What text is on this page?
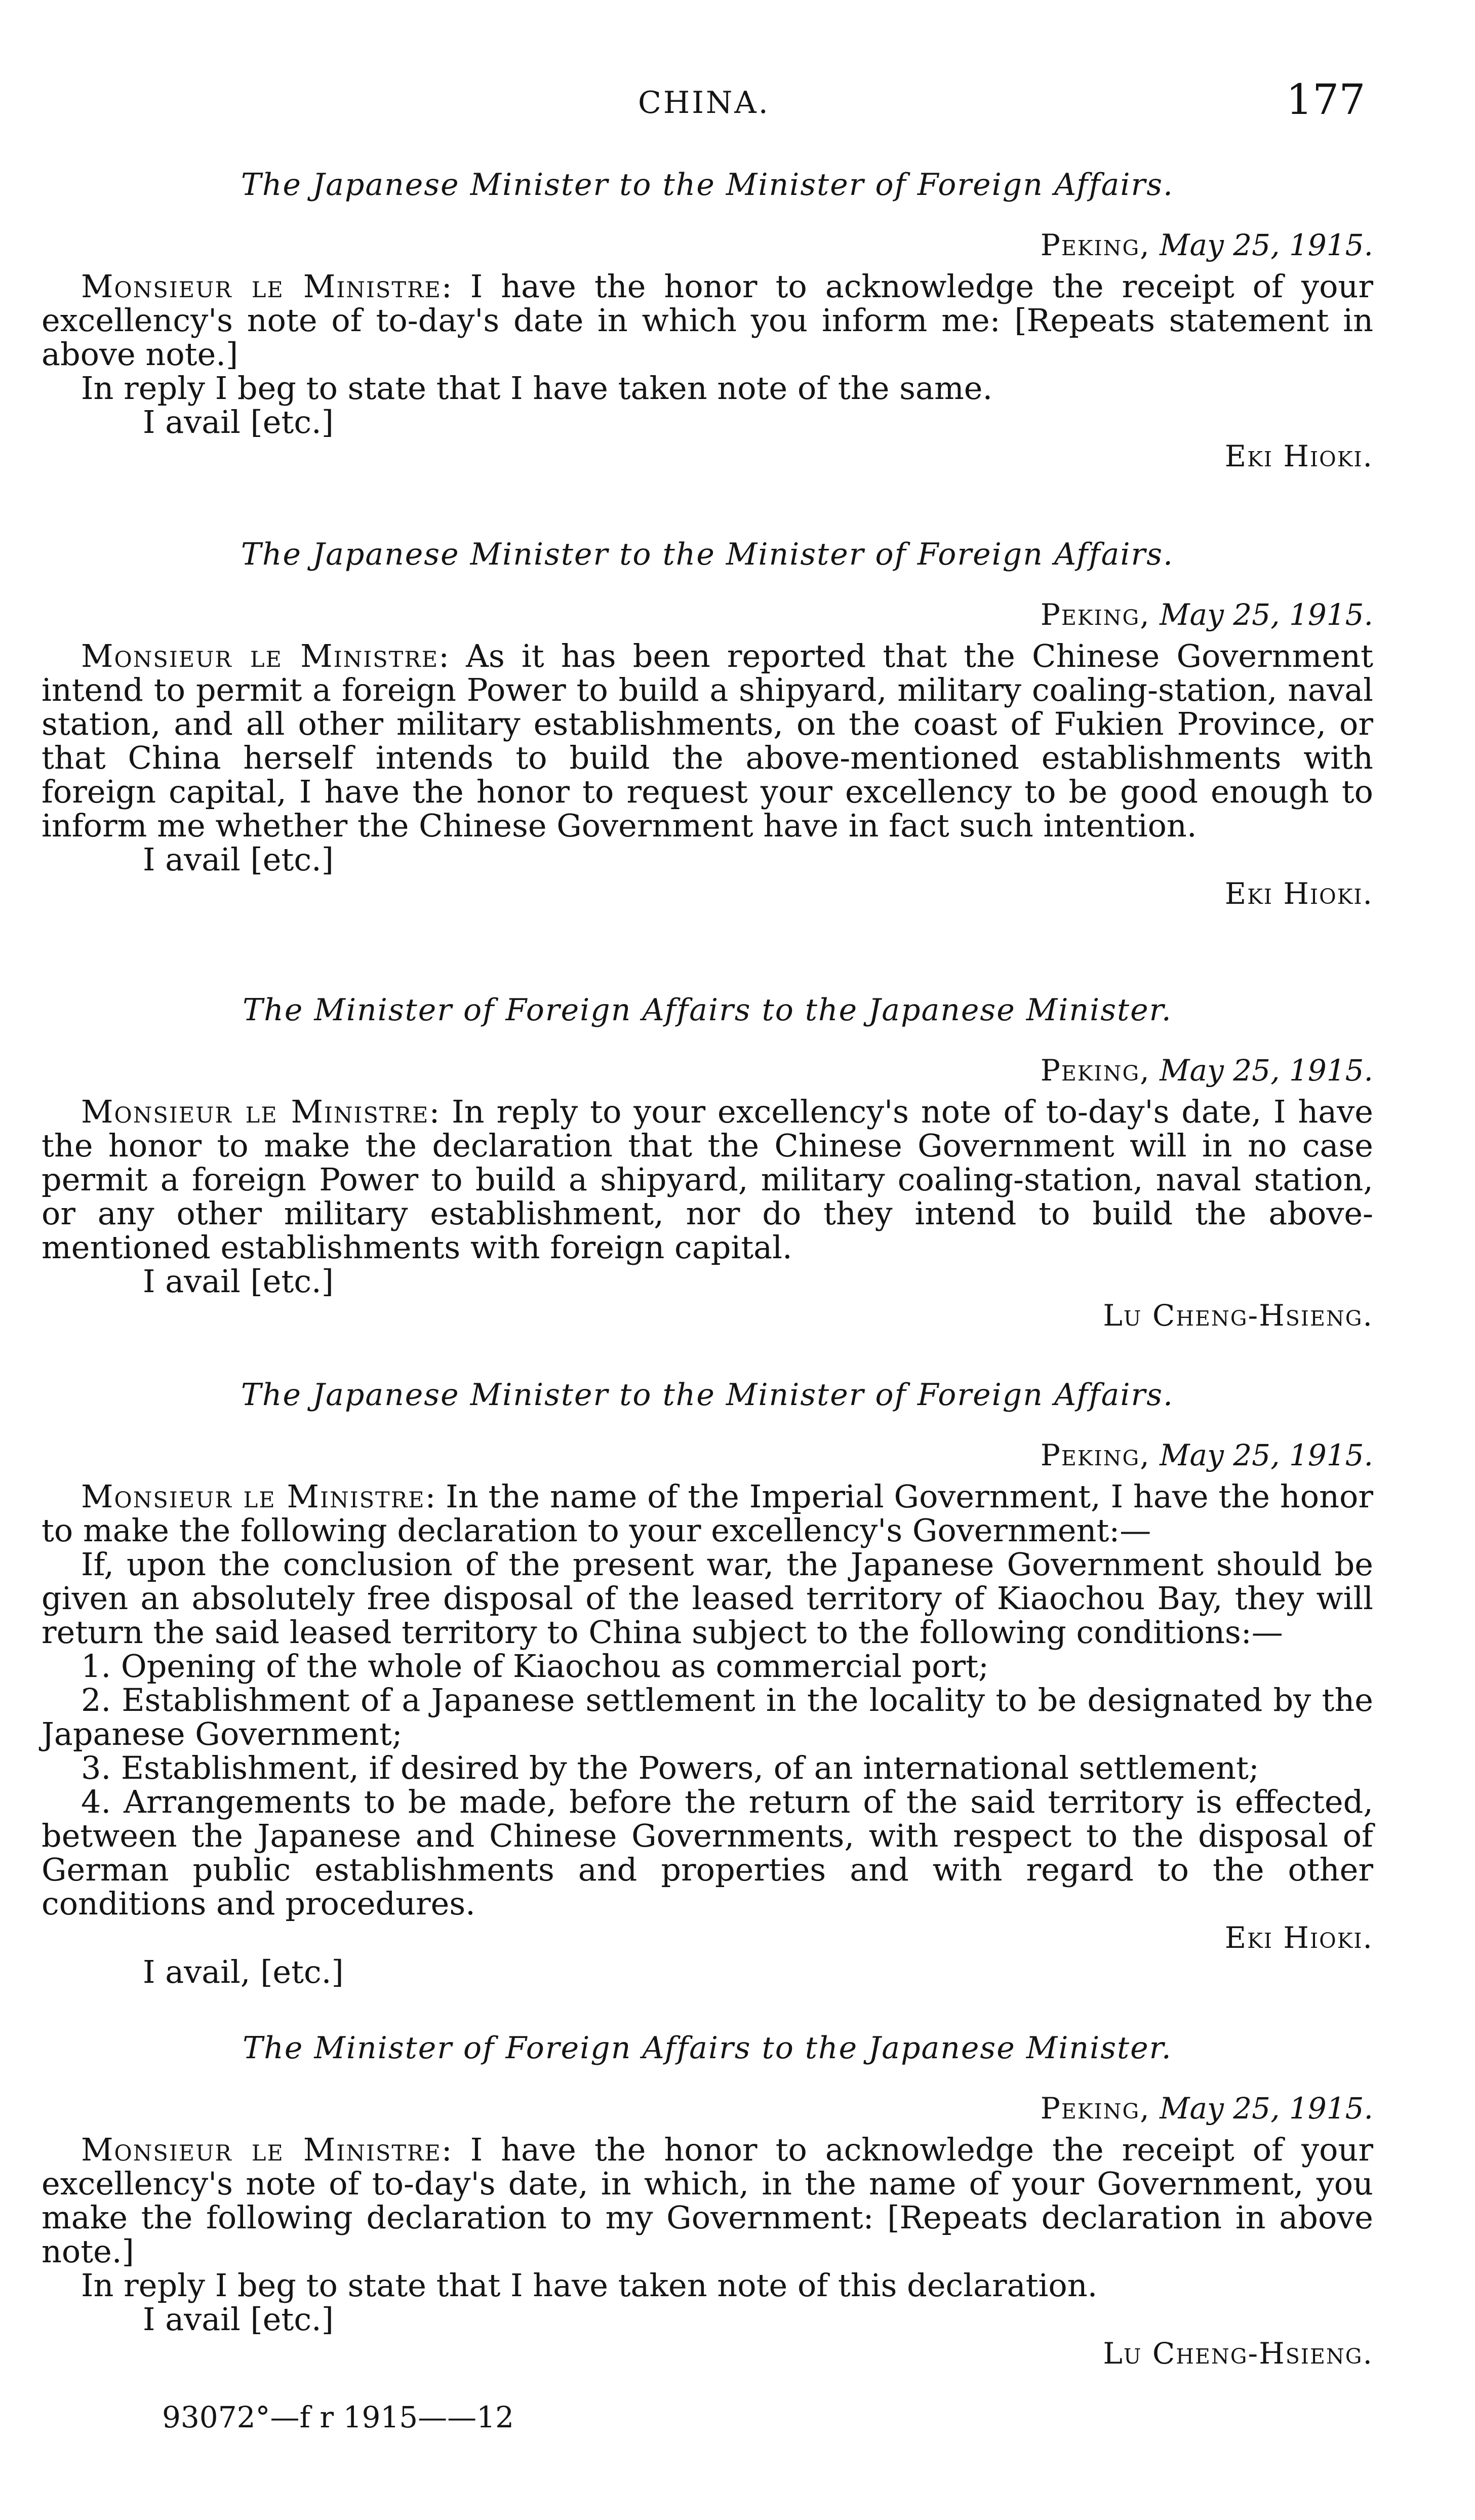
CHINA.	177

The Japanese Minister to the Minister of Foreign Affairs.

Peking, May 25, 1915.

Monsieur le Ministre: I have the honor to acknowledge the receipt of your excellency's note of to-day's date in which you inform me: [Repeats statement in above note.]

In reply I beg to state that I have taken note of the same.

I avail [etc.]

Eki Hioki.

The Japanese Minister to the Minister of Foreign Affairs.

Peking, May 25, 1915.

Monsieur le Ministre: As it has been reported that the Chinese Government intend to permit a foreign Power to build a shipyard, military coaling-station, naval station, and all other military establishments, on the coast of Fukien Province, or that China herself intends to build the above-mentioned establishments with foreign capital, I have the honor to request your excellency to be good enough to inform me whether the Chinese Government have in fact such intention.

I avail [etc.]

Eki Hioki.

The Minister of Foreign Affairs to the Japanese Minister.

Peking, May 25, 1915.

Monsieur le Ministre: In reply to your excellency's note of to-day's date, I have the honor to make the declaration that the Chinese Government will in no case permit a foreign Power to build a shipyard, military coaling-station, naval station, or any other military establishment, nor do they intend to build the above-mentioned establishments with foreign capital.

I avail [etc.]

Lu Cheng-Hsieng.

The Japanese Minister to the Minister of Foreign Affairs.

Peking, May 25, 1915.

Monsieur le Ministre: In the name of the Imperial Government, I have the honor to make the following declaration to your excellency's Government:—

If, upon the conclusion of the present war, the Japanese Government should be given an absolutely free disposal of the leased territory of Kiaochou Bay, they will return the said leased territory to China subject to the following conditions:—

1. Opening of the whole of Kiaochou as commercial port;

2. Establishment of a Japanese settlement in the locality to be designated by the Japanese Government;

3. Establishment, if desired by the Powers, of an international settlement;

4. Arrangements to be made, before the return of the said territory is effected, between the Japanese and Chinese Governments, with respect to the disposal of German public establishments and properties and with regard to the other conditions and procedures.

Eki Hioki.

I avail, [etc.]

The Minister of Foreign Affairs to the Japanese Minister.

Peking, May 25, 1915.

Monsieur le Ministre: I have the honor to acknowledge the receipt of your excellency's note of to-day's date, in which, in the name of your Government, you make the following declaration to my Government: [Repeats declaration in above note.]

In reply I beg to state that I have taken note of this declaration.

I avail [etc.]

Lu Cheng-Hsieng.

93072°—f r 1915——12
